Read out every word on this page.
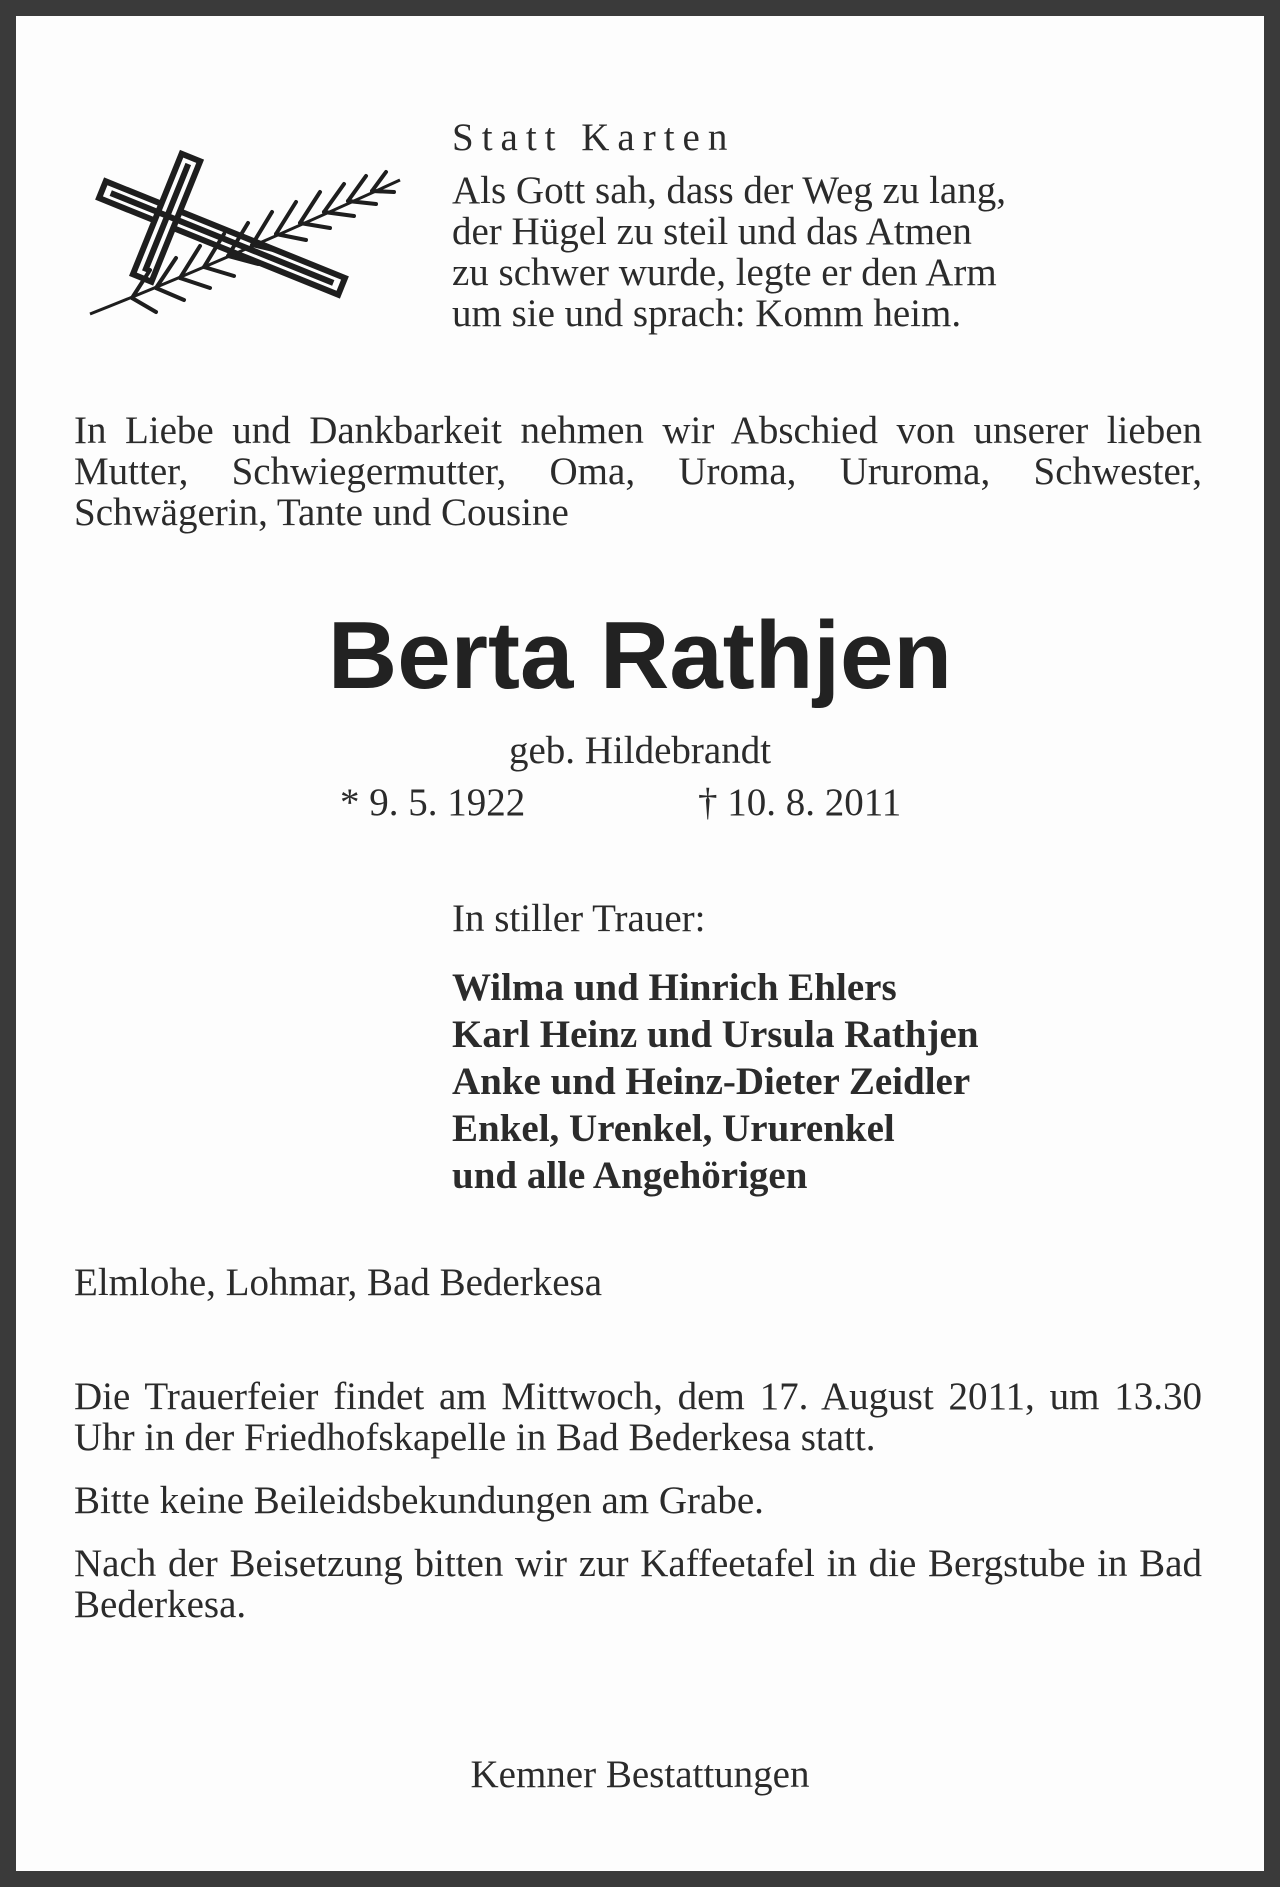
Statt Karten
Als Gott sah, dass der Weg zu lang,
der Hügel zu steil und das Atmen
zu schwer wurde, legte er den Arm
um sie und sprach: Komm heim.
In Liebe und Dankbarkeit nehmen wir Abschied von unserer lieben Mutter, Schwiegermutter, Oma, Uroma, Ururoma, Schwester, Schwägerin, Tante und Cousine
Berta Rathjen
geb. Hildebrandt
* 9. 5. 1922	† 10. 8. 2011
In stiller Trauer:
Wilma und Hinrich Ehlers
Karl Heinz und Ursula Rathjen
Anke und Heinz-Dieter Zeidler
Enkel, Urenkel, Ururenkel
und alle Angehörigen
Elmlohe, Lohmar, Bad Bederkesa

Die Trauerfeier findet am Mittwoch, dem 17. August 2011, um 13.30 Uhr in der Friedhofskapelle in Bad Bederkesa statt.

Bitte keine Beileidsbekundungen am Grabe.

Nach der Beisetzung bitten wir zur Kaffeetafel in die Bergstube in Bad Bederkesa.

Kemner Bestattungen
